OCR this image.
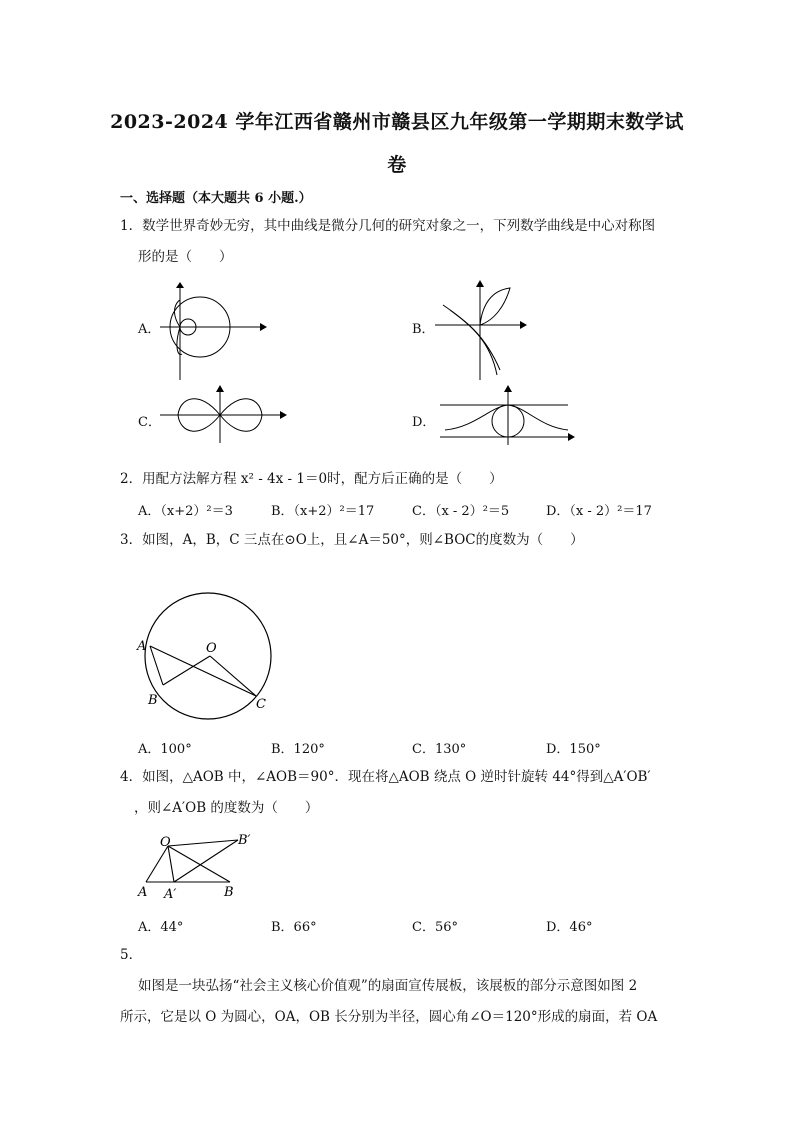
2023-2024 学年江西省赣州市赣县区九年级第一学期期末数学试
卷
一、选择题（本大题共 6 小题.）
1．数学世界奇妙无穷，其中曲线是微分几何的研究对象之一，下列数学曲线是中心对称图
形的是（　　）
A．	B．
C．	D．
2．用配方法解方程 x² - 4x - 1＝0时，配方后正确的是（　　）
A．（x+2）²＝3	B．（x+2）²＝17	C．（x - 2）²＝5	D．（x - 2）²＝17
3．如图，A，B，C 三点在⊙O上，且∠A＝50°，则∠BOC的度数为（　　）
A	O
B	C
A．100°	B．120°	C．130°	D．150°
4．如图，△AOB 中，∠AOB＝90°．现在将△AOB 绕点 O 逆时针旋转 44°得到△A′OB′
，则∠A′OB 的度数为（　　）
O	B′
A A′	B
A．44°	B．66°	C．56°	D．46°
5．
如图是一块弘扬“社会主义核心价值观”的扇面宣传展板，该展板的部分示意图如图 2
所示，它是以 O 为圆心，OA，OB 长分别为半径，圆心角∠O＝120°形成的扇面，若 OA
